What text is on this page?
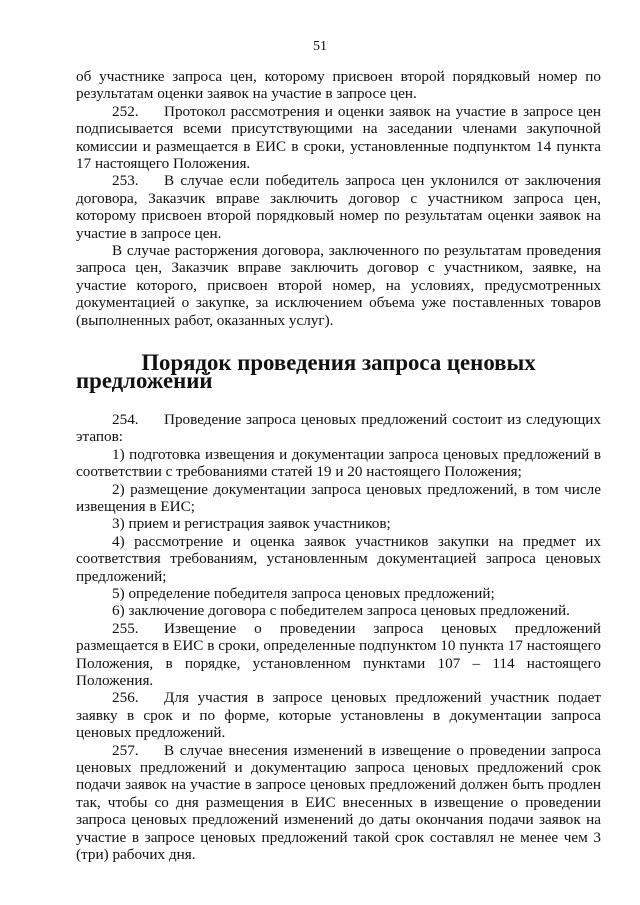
51

об участнике запроса цен, которому присвоен второй порядковый номер по результатам оценки заявок на участие в запросе цен.

252. Протокол рассмотрения и оценки заявок на участие в запросе цен подписывается всеми присутствующими на заседании членами закупочной комиссии и размещается в ЕИС в сроки, установленные подпунктом 14 пункта 17 настоящего Положения.

253. В случае если победитель запроса цен уклонился от заключения договора, Заказчик вправе заключить договор с участником запроса цен, которому присвоен второй порядковый номер по результатам оценки заявок на участие в запросе цен.

В случае расторжения договора, заключенного по результатам проведения запроса цен, Заказчик вправе заключить договор с участником, заявке, на участие которого, присвоен второй номер, на условиях, предусмотренных документацией о закупке, за исключением объема уже поставленных товаров (выполненных работ, оказанных услуг).

Порядок проведения запроса ценовых предложений

254. Проведение запроса ценовых предложений состоит из следующих этапов:

1) подготовка извещения и документации запроса ценовых предложений в соответствии с требованиями статей 19 и 20 настоящего Положения;

2) размещение документации запроса ценовых предложений, в том числе извещения в ЕИС;

3) прием и регистрация заявок участников;

4) рассмотрение и оценка заявок участников закупки на предмет их соответствия требованиям, установленным документацией запроса ценовых предложений;

5) определение победителя запроса ценовых предложений;

6) заключение договора с победителем запроса ценовых предложений.

255. Извещение о проведении запроса ценовых предложений размещается в ЕИС в сроки, определенные подпунктом 10 пункта 17 настоящего Положения, в порядке, установленном пунктами 107 – 114 настоящего Положения.

256. Для участия в запросе ценовых предложений участник подает заявку в срок и по форме, которые установлены в документации запроса ценовых предложений.

257. В случае внесения изменений в извещение о проведении запроса ценовых предложений и документацию запроса ценовых предложений срок подачи заявок на участие в запросе ценовых предложений должен быть продлен так, чтобы со дня размещения в ЕИС внесенных в извещение о проведении запроса ценовых предложений изменений до даты окончания подачи заявок на участие в запросе ценовых предложений такой срок составлял не менее чем 3 (три) рабочих дня.
